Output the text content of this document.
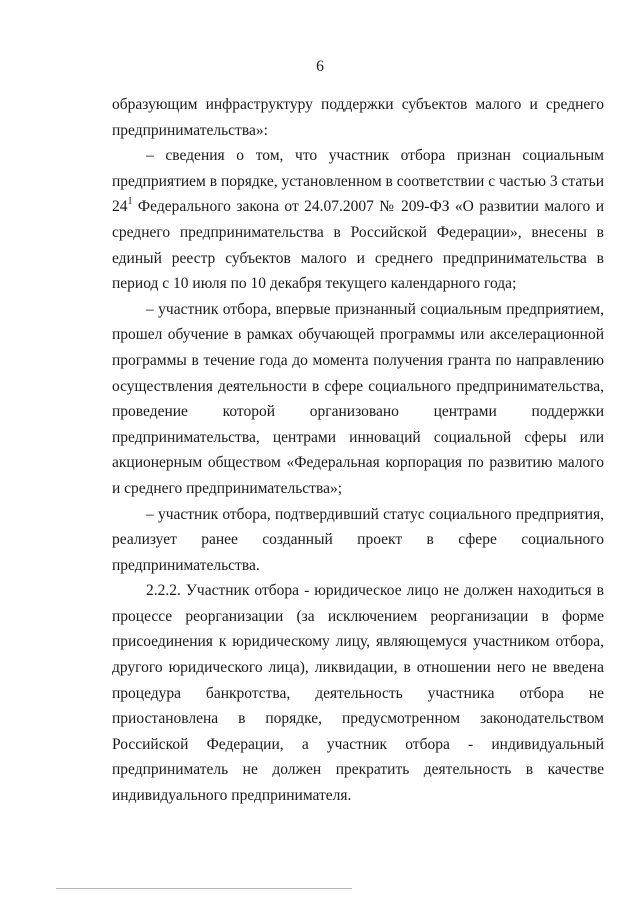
6

образующим инфраструктуру поддержки субъектов малого и среднего предпринимательства»:

– сведения о том, что участник отбора признан социальным предприятием в порядке, установленном в соответствии с частью 3 статьи $24^1$ Федерального закона от 24.07.2007 № 209-ФЗ «О развитии малого и среднего предпринимательства в Российской Федерации», внесены в единый реестр субъектов малого и среднего предпринимательства в период с 10 июля по 10 декабря текущего календарного года;

– участник отбора, впервые признанный социальным предприятием, прошел обучение в рамках обучающей программы или акселерационной программы в течение года до момента получения гранта по направлению осуществления деятельности в сфере социального предпринимательства, проведение которой организовано центрами поддержки предпринимательства, центрами инноваций социальной сферы или акционерным обществом «Федеральная корпорация по развитию малого и среднего предпринимательства»;

– участник отбора, подтвердивший статус социального предприятия, реализует ранее созданный проект в сфере социального предпринимательства.

2.2.2. Участник отбора - юридическое лицо не должен находиться в процессе реорганизации (за исключением реорганизации в форме присоединения к юридическому лицу, являющемуся участником отбора, другого юридического лица), ликвидации, в отношении него не введена процедура банкротства, деятельность участника отбора не приостановлена в порядке, предусмотренном законодательством Российской Федерации, а участник отбора - индивидуальный предприниматель не должен прекратить деятельность в качестве индивидуального предпринимателя.
